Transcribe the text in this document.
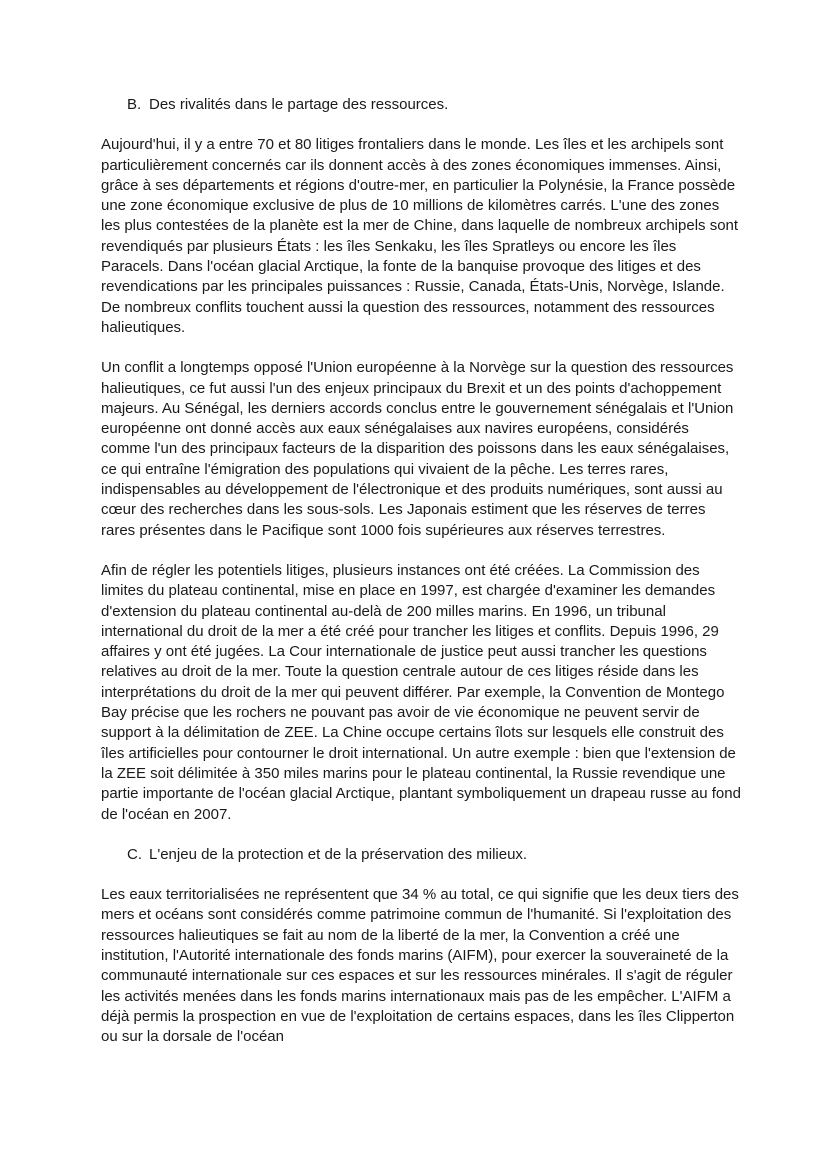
B. Des rivalités dans le partage des ressources.

Aujourd'hui, il y a entre 70 et 80 litiges frontaliers dans le monde. Les îles et les archipels sont particulièrement concernés car ils donnent accès à des zones économiques immenses. Ainsi, grâce à ses départements et régions d'outre-mer, en particulier la Polynésie, la France possède une zone économique exclusive de plus de 10 millions de kilomètres carrés. L'une des zones les plus contestées de la planète est la mer de Chine, dans laquelle de nombreux archipels sont revendiqués par plusieurs États : les îles Senkaku, les îles Spratleys ou encore les îles Paracels. Dans l'océan glacial Arctique, la fonte de la banquise provoque des litiges et des revendications par les principales puissances : Russie, Canada, États-Unis, Norvège, Islande. De nombreux conflits touchent aussi la question des ressources, notamment des ressources halieutiques.

Un conflit a longtemps opposé l'Union européenne à la Norvège sur la question des ressources halieutiques, ce fut aussi l'un des enjeux principaux du Brexit et un des points d'achoppement majeurs. Au Sénégal, les derniers accords conclus entre le gouvernement sénégalais et l'Union européenne ont donné accès aux eaux sénégalaises aux navires européens, considérés comme l'un des principaux facteurs de la disparition des poissons dans les eaux sénégalaises, ce qui entraîne l'émigration des populations qui vivaient de la pêche. Les terres rares, indispensables au développement de l'électronique et des produits numériques, sont aussi au cœur des recherches dans les sous-sols. Les Japonais estiment que les réserves de terres rares présentes dans le Pacifique sont 1000 fois supérieures aux réserves terrestres.

Afin de régler les potentiels litiges, plusieurs instances ont été créées. La Commission des limites du plateau continental, mise en place en 1997, est chargée d'examiner les demandes d'extension du plateau continental au-delà de 200 milles marins. En 1996, un tribunal international du droit de la mer a été créé pour trancher les litiges et conflits. Depuis 1996, 29 affaires y ont été jugées. La Cour internationale de justice peut aussi trancher les questions relatives au droit de la mer. Toute la question centrale autour de ces litiges réside dans les interprétations du droit de la mer qui peuvent différer. Par exemple, la Convention de Montego Bay précise que les rochers ne pouvant pas avoir de vie économique ne peuvent servir de support à la délimitation de ZEE. La Chine occupe certains îlots sur lesquels elle construit des îles artificielles pour contourner le droit international. Un autre exemple : bien que l'extension de la ZEE soit délimitée à 350 miles marins pour le plateau continental, la Russie revendique une partie importante de l'océan glacial Arctique, plantant symboliquement un drapeau russe au fond de l'océan en 2007.

C. L'enjeu de la protection et de la préservation des milieux.

Les eaux territorialisées ne représentent que 34 % au total, ce qui signifie que les deux tiers des mers et océans sont considérés comme patrimoine commun de l'humanité. Si l'exploitation des ressources halieutiques se fait au nom de la liberté de la mer, la Convention a créé une institution, l'Autorité internationale des fonds marins (AIFM), pour exercer la souveraineté de la communauté internationale sur ces espaces et sur les ressources minérales. Il s'agit de réguler les activités menées dans les fonds marins internationaux mais pas de les empêcher. L'AIFM a déjà permis la prospection en vue de l'exploitation de certains espaces, dans les îles Clipperton ou sur la dorsale de l'océan
